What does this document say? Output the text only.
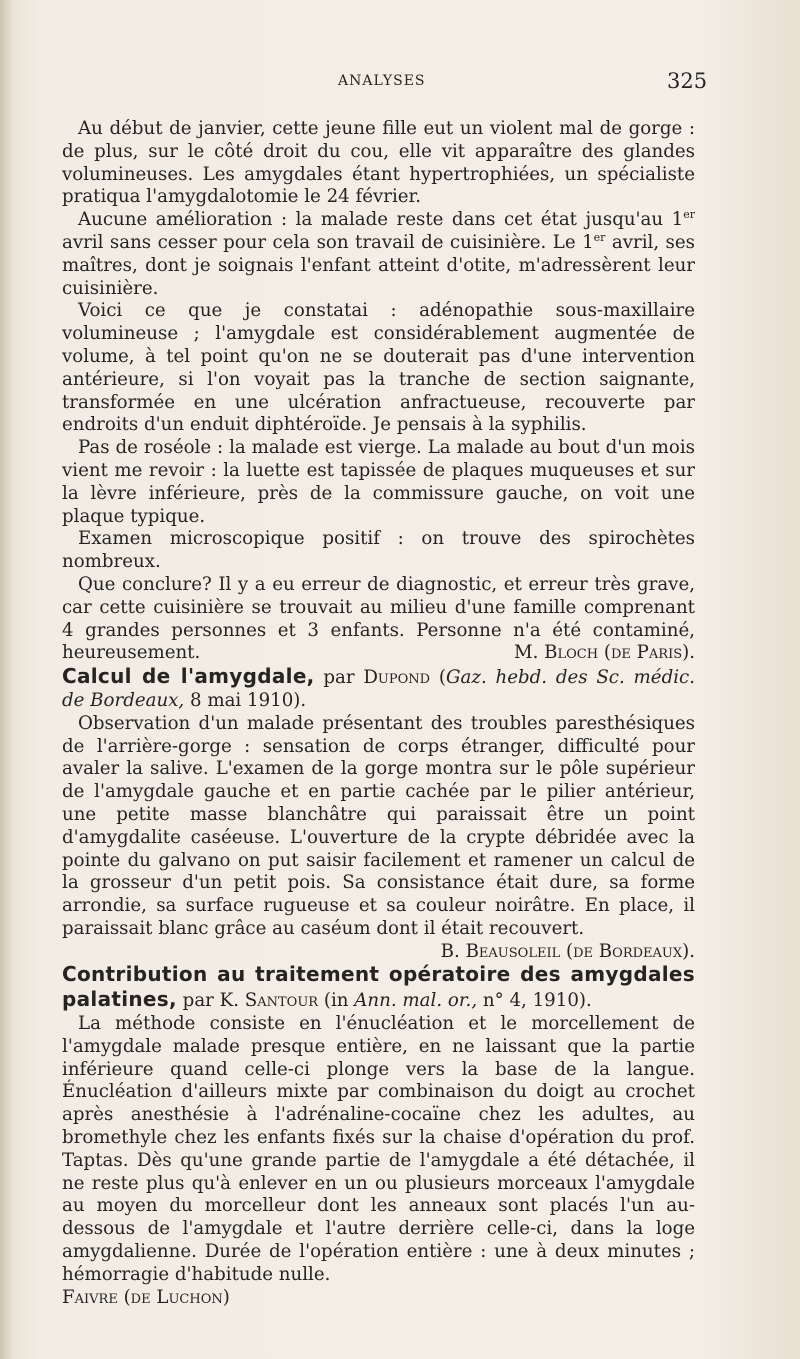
ANALYSES	325

Au début de janvier, cette jeune fille eut un violent mal de gorge : de plus, sur le côté droit du cou, elle vit apparaître des glandes volumineuses. Les amygdales étant hypertrophiées, un spécialiste pratiqua l'amygdalotomie le 24 février.

Aucune amélioration : la malade reste dans cet état jusqu'au 1er avril sans cesser pour cela son travail de cuisinière. Le 1er avril, ses maîtres, dont je soignais l'enfant atteint d'otite, m'adressèrent leur cuisinière.

Voici ce que je constatai : adénopathie sous-maxillaire volumineuse ; l'amygdale est considérablement augmentée de volume, à tel point qu'on ne se douterait pas d'une intervention antérieure, si l'on voyait pas la tranche de section saignante, transformée en une ulcération anfractueuse, recouverte par endroits d'un enduit diphtéroïde. Je pensais à la syphilis.

Pas de roséole : la malade est vierge. La malade au bout d'un mois vient me revoir : la luette est tapissée de plaques muqueuses et sur la lèvre inférieure, près de la commissure gauche, on voit une plaque typique.

Examen microscopique positif : on trouve des spirochètes nombreux.

Que conclure? Il y a eu erreur de diagnostic, et erreur très grave, car cette cuisinière se trouvait au milieu d'une famille comprenant 4 grandes personnes et 3 enfants. Personne n'a été contaminé, heureusement.	M. Bloch (de Paris).

Calcul de l'amygdale, par Dupond (Gaz. hebd. des Sc. médic. de Bordeaux, 8 mai 1910).

Observation d'un malade présentant des troubles paresthésiques de l'arrière-gorge : sensation de corps étranger, difficulté pour avaler la salive. L'examen de la gorge montra sur le pôle supérieur de l'amygdale gauche et en partie cachée par le pilier antérieur, une petite masse blanchâtre qui paraissait être un point d'amygdalite caséeuse. L'ouverture de la crypte débridée avec la pointe du galvano on put saisir facilement et ramener un calcul de la grosseur d'un petit pois. Sa consistance était dure, sa forme arrondie, sa surface rugueuse et sa couleur noirâtre. En place, il paraissait blanc grâce au caséum dont il était recouvert.
B. Beausoleil (de Bordeaux).

Contribution au traitement opératoire des amygdales palatines, par K. Santour (in Ann. mal. or., n° 4, 1910).

La méthode consiste en l'énucléation et le morcellement de l'amygdale malade presque entière, en ne laissant que la partie inférieure quand celle-ci plonge vers la base de la langue. Énucléation d'ailleurs mixte par combinaison du doigt au crochet après anesthésie à l'adrénaline-cocaïne chez les adultes, au bromethyle chez les enfants fixés sur la chaise d'opération du prof. Taptas. Dès qu'une grande partie de l'amygdale a été détachée, il ne reste plus qu'à enlever en un ou plusieurs morceaux l'amygdale au moyen du morcelleur dont les anneaux sont placés l'un au-dessous de l'amygdale et l'autre derrière celle-ci, dans la loge amygdalienne. Durée de l'opération entière : une à deux minutes ; hémorragie d'habitude nulle.

Faivre (de Luchon)
